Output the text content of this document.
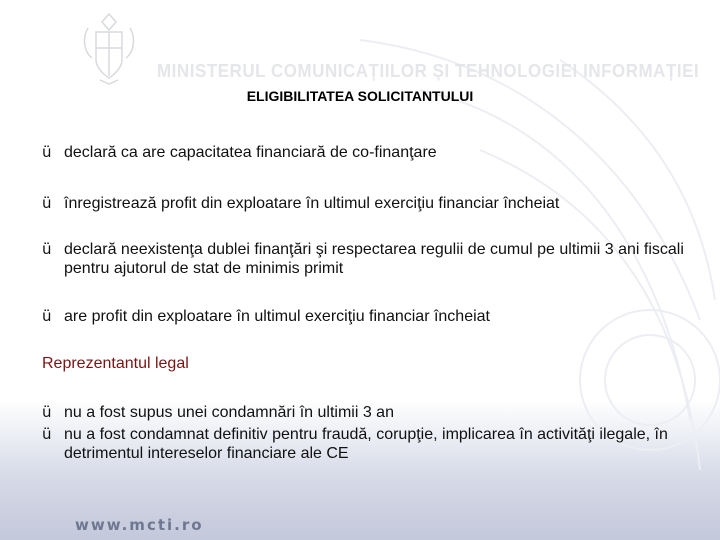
MINISTERUL COMUNICAȚIILOR ȘI TEHNOLOGIEI INFORMAȚIEI
ELIGIBILITATEA SOLICITANTULUI
ü declară ca are capacitatea financiară de co-finanţare
ü înregistrează profit din exploatare în ultimul exerciţiu financiar încheiat
ü declară neexistenţa dublei finanţări şi respectarea regulii de cumul pe ultimii 3 ani fiscali pentru ajutorul de stat de minimis primit
ü are profit din exploatare în ultimul exerciţiu financiar încheiat
Reprezentantul legal
ü nu a fost supus unei condamnări în ultimii 3 an
ü nu a fost condamnat definitiv pentru fraudă, corupţie, implicarea în activităţi ilegale, în detrimentul intereselor financiare ale CE
www.mcti.ro
